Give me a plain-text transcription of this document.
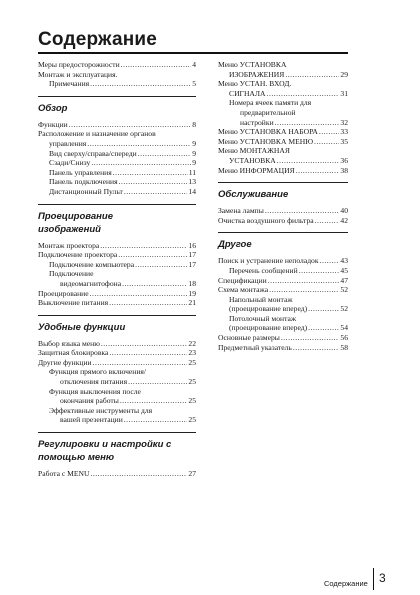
Содержание
Меры предосторожности .....	4
Монтаж и эксплуатация.
Примечания .....	5
Обзор
Функции .....	8
Расположение и назначение органов
управления .....	9
Вид сверху/справа/спереди .....	9
Сзади/Снизу .....	9
Панель управления .....	11
Панель подключения .....	13
Дистанционный Пульт .....	14
Проецирование
изображений
Монтаж проектора .....	16
Подключение проектора .....	17
Подключение компьютера .....	17
Подключение
видеомагнитофона .....	18
Проецирование .....	19
Выключение питания .....	21
Удобные функции
Выбор языка меню .....	22
Защитная блокировка .....	23
Другие функции .....	25
Функция прямого включения/
отключения питания .....	25
Функция выключения после
окончания работы .....	25
Эффективные инструменты для
вашей презентации .....	25
Регулировки и настройки с
помощью меню
Работа с MENU .....	27
Меню УСТАНОВКА
ИЗОБРАЖЕНИЯ .....	29
Меню УСТАН. ВХОД.
СИГНАЛА .....	31
Номера ячеек памяти для
предварительной
настройки .....	32
Меню УСТАНОВКА НАБОРА .....	33
Меню УСТАНОВКА МЕНЮ .....	35
Меню МОНТАЖНАЯ
УСТАНОВКА .....	36
Меню ИНФОРМАЦИЯ .....	38
Обслуживание
Замена лампы .....	40
Очистка воздушного фильтра .....	42
Другое
Поиск и устранение неполадок .....	43
Перечень сообщений .....	45
Спецификации .....	47
Схема монтажа .....	52
Напольный монтаж
(проецирование вперед) .....	52
Потолочный монтаж
(проецирование вперед) .....	54
Основные размеры .....	56
Предметный указатель .....	58
Содержание 3
